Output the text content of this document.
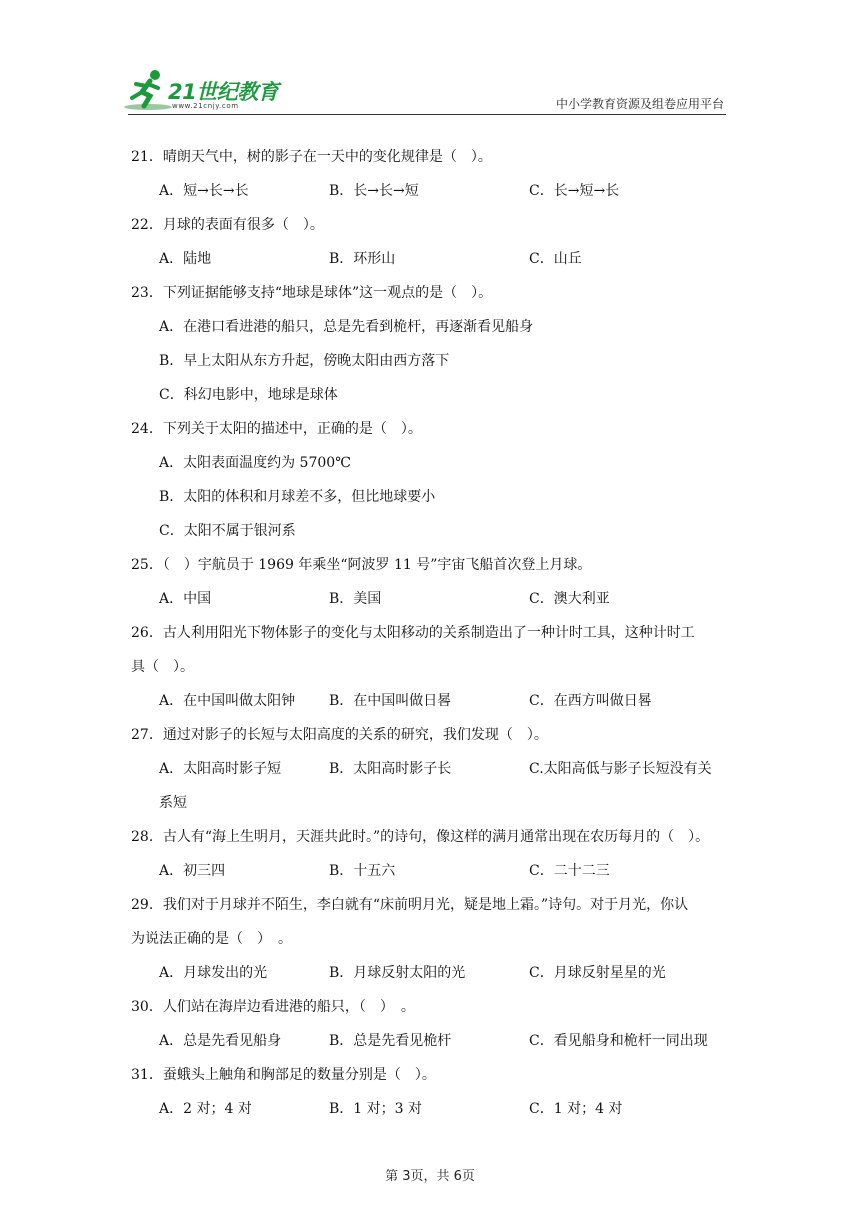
21世纪教育
www.21cnjy.com	中小学教育资源及组卷应用平台
21．晴朗天气中，树的影子在一天中的变化规律是（　）。
A．短→长→长	B．长→长→短	C．长→短→长
22．月球的表面有很多（　）。
A．陆地	B．环形山	C．山丘
23．下列证据能够支持“地球是球体”这一观点的是（　）。
A．在港口看进港的船只，总是先看到桅杆，再逐渐看见船身
B．早上太阳从东方升起，傍晚太阳由西方落下
C．科幻电影中，地球是球体
24．下列关于太阳的描述中，正确的是（　）。
A．太阳表面温度约为 5700℃
B．太阳的体积和月球差不多，但比地球要小
C．太阳不属于银河系
25．（　）宇航员于 1969 年乘坐“阿波罗 11 号”宇宙飞船首次登上月球。
A．中国	B．美国	C．澳大利亚
26．古人利用阳光下物体影子的变化与太阳移动的关系制造出了一种计时工具，这种计时工
具（　）。
A．在中国叫做太阳钟 B．在中国叫做日晷	C．在西方叫做日晷
27．通过对影子的长短与太阳高度的关系的研究，我们发现（　）。
A．太阳高时影子短	B．太阳高时影子长	C.太阳高低与影子长短没有关
系短
28．古人有“海上生明月，天涯共此时。”的诗句，像这样的满月通常出现在农历每月的（　）。
A．初三四	B．十五六	C．二十二三
29．我们对于月球并不陌生，李白就有“床前明月光，疑是地上霜。”诗句。对于月光，你认
为说法正确的是（　）　。
A．月球发出的光	B．月球反射太阳的光	C．月球反射星星的光
30．人们站在海岸边看进港的船只，（　）　。
A．总是先看见船身	B．总是先看见桅杆	C．看见船身和桅杆一同出现
31．蚕蛾头上触角和胸部足的数量分别是（　）。
A．2 对；4 对	B．1 对；3 对	C．1 对；4 对
第 3页，共 6页
